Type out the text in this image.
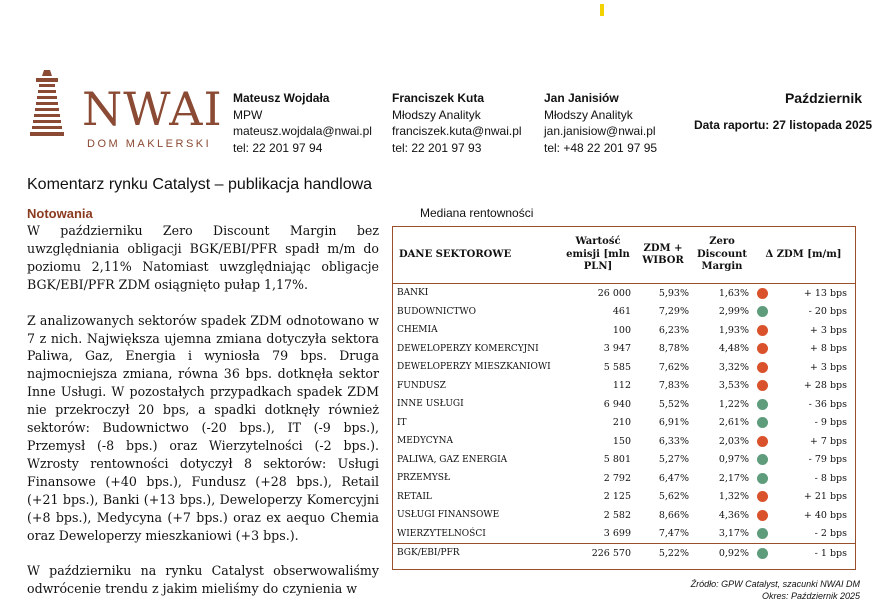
NWAI
DOM MAKLERSKI
Mateusz Wojdała
MPW
mateusz.wojdala@nwai.pl
tel: 22 201 97 94
Franciszek Kuta
Młodszy Analityk
franciszek.kuta@nwai.pl
tel: 22 201 97 93
Jan Janisiów
Młodszy Analityk
jan.janisiow@nwai.pl
tel: +48 22 201 97 95
Październik
Data raportu: 27 listopada 2025
Komentarz rynku Catalyst – publikacja handlowa
Notowania

W październiku Zero Discount Margin bez uwzględniania obligacji BGK/EBI/PFR spadł m/m do poziomu 2,11% Natomiast uwzględniając obligacje BGK/EBI/PFR ZDM osiągnięto pułap 1,17%.

Z analizowanych sektorów spadek ZDM odnotowano w 7 z nich. Największa ujemna zmiana dotyczyła sektora Paliwa, Gaz, Energia i wyniosła 79 bps. Druga najmocniejsza zmiana, równa 36 bps. dotknęła sektor Inne Usługi. W pozostałych przypadkach spadek ZDM nie przekroczył 20 bps, a spadki dotknęły również sektorów: Budownictwo (-20 bps.), IT (-9 bps.), Przemysł (-8 bps.) oraz Wierzytelności (-2 bps.). Wzrosty rentowności dotyczył 8 sektorów: Usługi Finansowe (+40 bps.), Fundusz (+28 bps.), Retail (+21 bps.), Banki (+13 bps.), Deweloperzy Komercyjni (+8 bps.), Medycyna (+7 bps.) oraz ex aequo Chemia oraz Deweloperzy mieszkaniowi (+3 bps.).

W październiku na rynku Catalyst obserwowaliśmy odwrócenie trendu z jakim mieliśmy do czynienia w

Mediana rentowności
DANE SEKTOROWE	Wartość emisji [mln PLN]	ZDM + WIBOR	Zero Discount Margin	Δ ZDM [m/m]	
BANKI	26 000	5,93%	1,63%		+ 13 bps
BUDOWNICTWO	461	7,29%	2,99%		- 20 bps
CHEMIA	100	6,23%	1,93%		+ 3 bps
DEWELOPERZY KOMERCYJNI	3 947	8,78%	4,48%		+ 8 bps
DEWELOPERZY MIESZKANIOWI	5 585	7,62%	3,32%		+ 3 bps
FUNDUSZ	112	7,83%	3,53%		+ 28 bps
INNE USŁUGI	6 940	5,52%	1,22%		- 36 bps
IT	210	6,91%	2,61%		- 9 bps
MEDYCYNA	150	6,33%	2,03%		+ 7 bps
PALIWA, GAZ ENERGIA	5 801	5,27%	0,97%		- 79 bps
PRZEMYSŁ	2 792	6,47%	2,17%		- 8 bps
RETAIL	2 125	5,62%	1,32%		+ 21 bps
USŁUGI FINANSOWE	2 582	8,66%	4,36%		+ 40 bps
WIERZYTELNOŚCI	3 699	7,47%	3,17%		- 2 bps
BGK/EBI/PFR	226 570	5,22%	0,92%		- 1 bps
Źródło: GPW Catalyst, szacunki NWAI DM
Okres: Październik 2025
